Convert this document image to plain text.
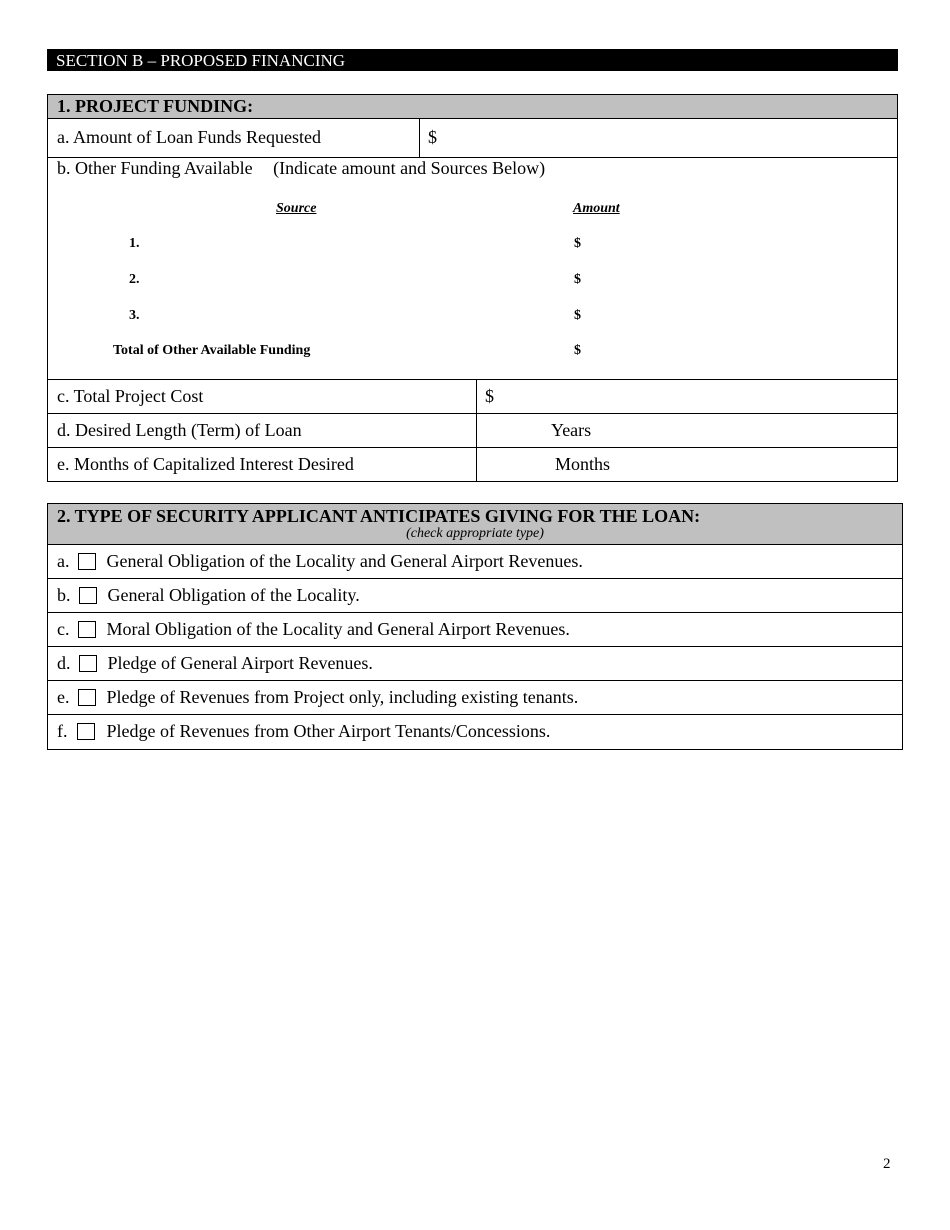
SECTION B – PROPOSED FINANCING
1. PROJECT FUNDING:
a. Amount of Loan Funds Requested	$
b. Other Funding Available (Indicate amount and Sources Below)
Source	Amount
1.	$
2.	$
3.	$
Total of Other Available Funding	$
c. Total Project Cost	$
d. Desired Length (Term) of Loan	Years
e. Months of Capitalized Interest Desired	Months
2. TYPE OF SECURITY APPLICANT ANTICIPATES GIVING FOR THE LOAN:
(check appropriate type)
a. General Obligation of the Locality and General Airport Revenues.
b. General Obligation of the Locality.
c. Moral Obligation of the Locality and General Airport Revenues.
d. Pledge of General Airport Revenues.
e. Pledge of Revenues from Project only, including existing tenants.
f. Pledge of Revenues from Other Airport Tenants/Concessions.
2
